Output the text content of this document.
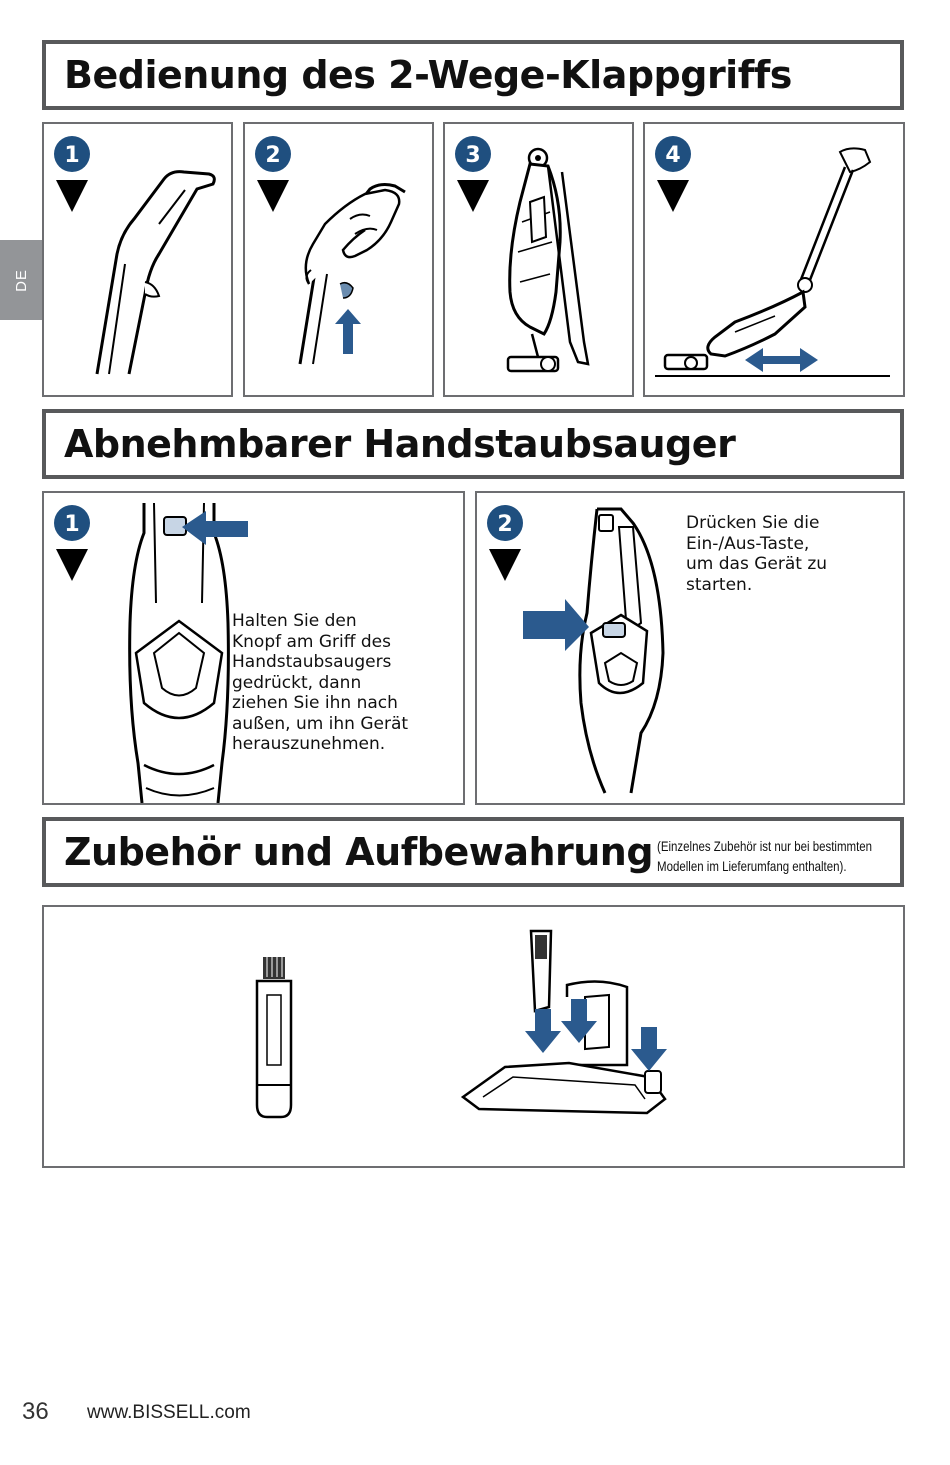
DE
Bedienung des 2-Wege-Klappgriffs
1	2	3	4
Abnehmbarer Handstaubsauger
1

Halten Sie den
Knopf am Griff des
Handstaubsaugers
gedrückt, dann
ziehen Sie ihn nach
außen, um ihn Gerät
herauszunehmen.

2	Drücken Sie die
Ein-/Aus-Taste,
um das Gerät zu
starten.

Zubehör und Aufbewahrung (Einzelnes Zubehör ist nur bei bestimmten
Modellen im Lieferumfang enthalten).
36 www.BISSELL.com
